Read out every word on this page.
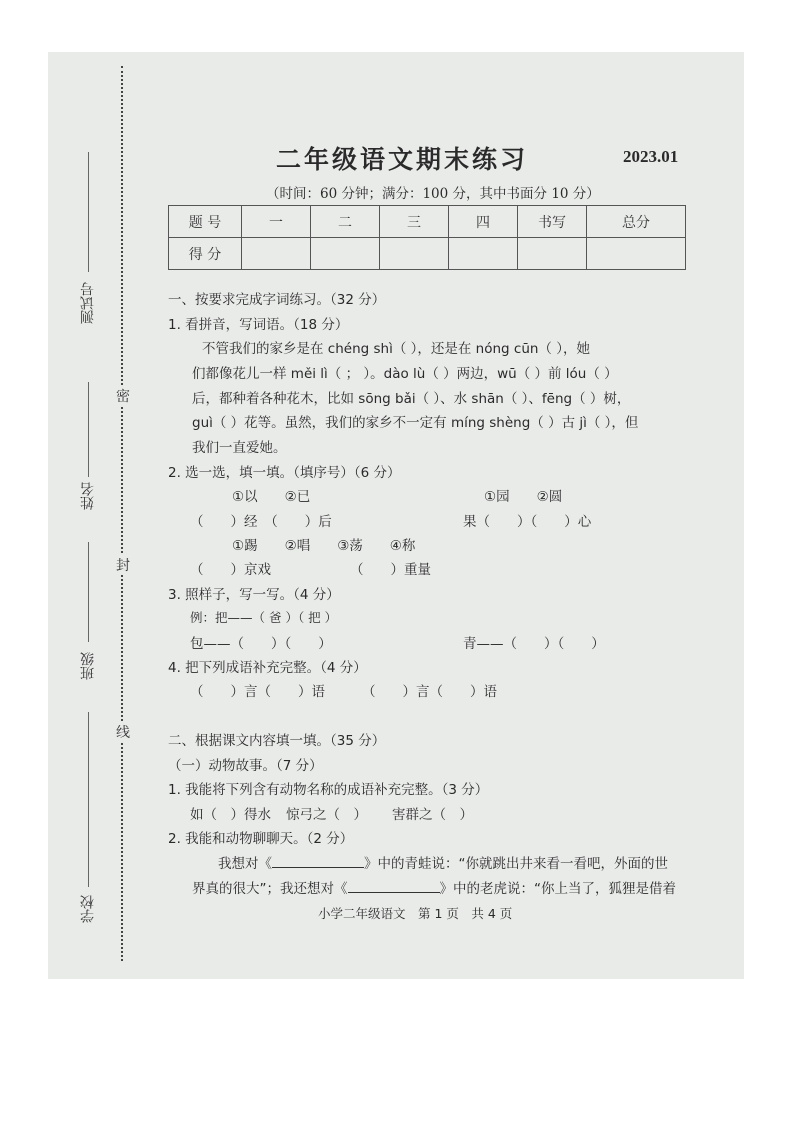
测试号
姓名
班级
学校
密
封
线
二年级语文期末练习	2023.01
（时间：60 分钟；满分：100 分，其中书面分 10 分）
题 号	一	二	三	四	书写	总分
得 分						
一、按要求完成字词练习。（32 分）
1. 看拼音，写词语。（18 分）
不管我们的家乡是在 chéng shì（ ），还是在 nóng cūn（ ），她
们都像花儿一样 měi lì（ ； ）。dào lù（ ）两边，wū（ ）前 lóu（ ）
后，都种着各种花木，比如 sōng bǎi（ ）、水 shān（ ）、fēng（ ）树，
guì（ ）花等。虽然，我们的家乡不一定有 míng shèng（ ）古 jì（ ），但
我们一直爱她。
2. 选一选，填一填。（填序号）（6 分）
①以　　②已	①园　　②圆
（　　）经　（　　）后	果（　　）（　　）心
①踢　　②唱　　③荡　　④称
（　　）京戏	（　　）重量
3. 照样子，写一写。（4 分）
例：把——（ 爸 ）（ 把 ）
包——（　　）（　　）	青——（　　）（　　）
4. 把下列成语补充完整。（4 分）
（　　）言（　　）语	（　　）言（　　）语
二、根据课文内容填一填。（35 分）
（一）动物故事。（7 分）
1. 我能将下列含有动物名称的成语补充完整。（3 分）
如（　）得水 惊弓之（　） 害群之（　）
2. 我能和动物聊聊天。（2 分）
我想对《	》中的青蛙说：“你就跳出井来看一看吧，外面的世
界真的很大”；我还想对《	》中的老虎说：“你上当了，狐狸是借着
小学二年级语文　第 1 页　共 4 页
